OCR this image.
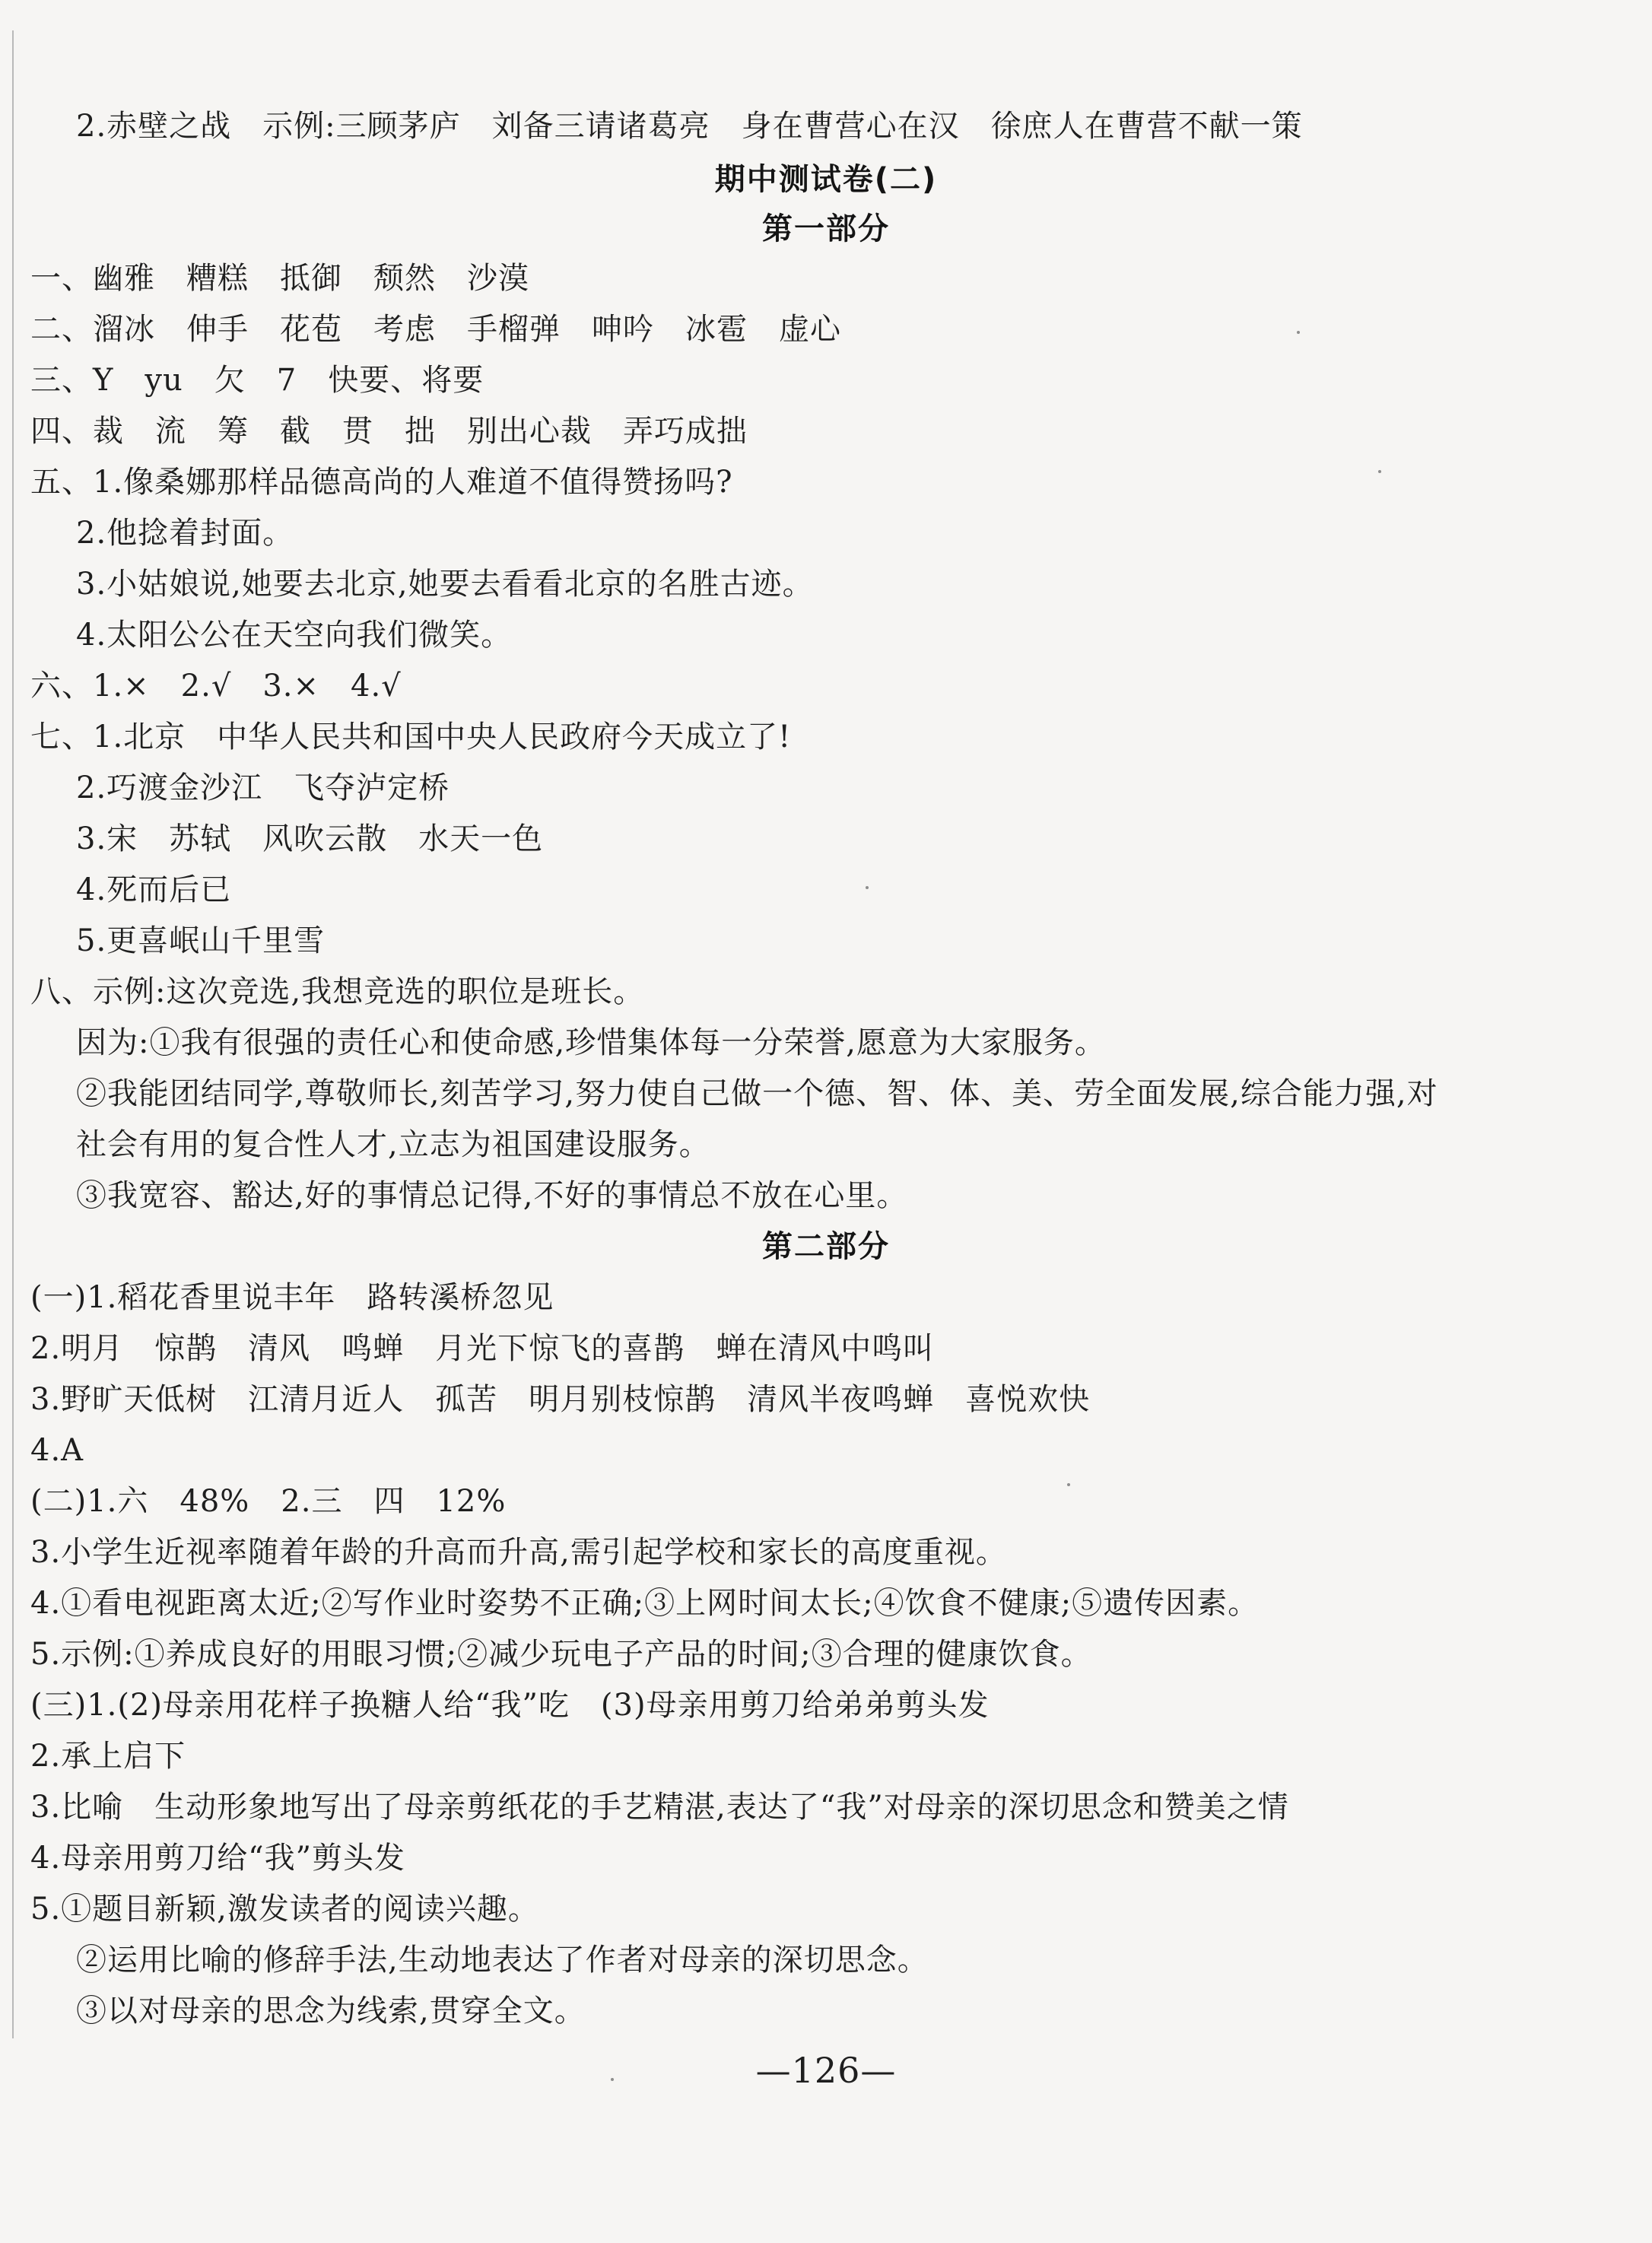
2.赤壁之战　示例:三顾茅庐　刘备三请诸葛亮　身在曹营心在汉　徐庶人在曹营不献一策
期中测试卷(二)
第一部分
一、幽雅　糟糕　抵御　颓然　沙漠
二、溜冰　伸手　花苞　考虑　手榴弹　呻吟　冰雹　虚心
三、Y　yu　欠　7　快要、将要
四、裁　流　筹　截　贯　拙　别出心裁　弄巧成拙
五、1.像桑娜那样品德高尚的人难道不值得赞扬吗?
2.他捻着封面。
3.小姑娘说,她要去北京,她要去看看北京的名胜古迹。
4.太阳公公在天空向我们微笑。
六、1.×　2.√　3.×　4.√
七、1.北京　中华人民共和国中央人民政府今天成立了!
2.巧渡金沙江　飞夺泸定桥
3.宋　苏轼　风吹云散　水天一色
4.死而后已
5.更喜岷山千里雪
八、示例:这次竞选,我想竞选的职位是班长。
因为:①我有很强的责任心和使命感,珍惜集体每一分荣誉,愿意为大家服务。
②我能团结同学,尊敬师长,刻苦学习,努力使自己做一个德、智、体、美、劳全面发展,综合能力强,对
社会有用的复合性人才,立志为祖国建设服务。
③我宽容、豁达,好的事情总记得,不好的事情总不放在心里。
第二部分
(一)1.稻花香里说丰年　路转溪桥忽见
2.明月　惊鹊　清风　鸣蝉　月光下惊飞的喜鹊　蝉在清风中鸣叫
3.野旷天低树　江清月近人　孤苦　明月别枝惊鹊　清风半夜鸣蝉　喜悦欢快
4.A
(二)1.六　48%　2.三　四　12%
3.小学生近视率随着年龄的升高而升高,需引起学校和家长的高度重视。
4.①看电视距离太近;②写作业时姿势不正确;③上网时间太长;④饮食不健康;⑤遗传因素。
5.示例:①养成良好的用眼习惯;②减少玩电子产品的时间;③合理的健康饮食。
(三)1.(2)母亲用花样子换糖人给“我”吃　(3)母亲用剪刀给弟弟剪头发
2.承上启下
3.比喻　生动形象地写出了母亲剪纸花的手艺精湛,表达了“我”对母亲的深切思念和赞美之情
4.母亲用剪刀给“我”剪头发
5.①题目新颖,激发读者的阅读兴趣。
②运用比喻的修辞手法,生动地表达了作者对母亲的深切思念。
③以对母亲的思念为线索,贯穿全文。
—126—
